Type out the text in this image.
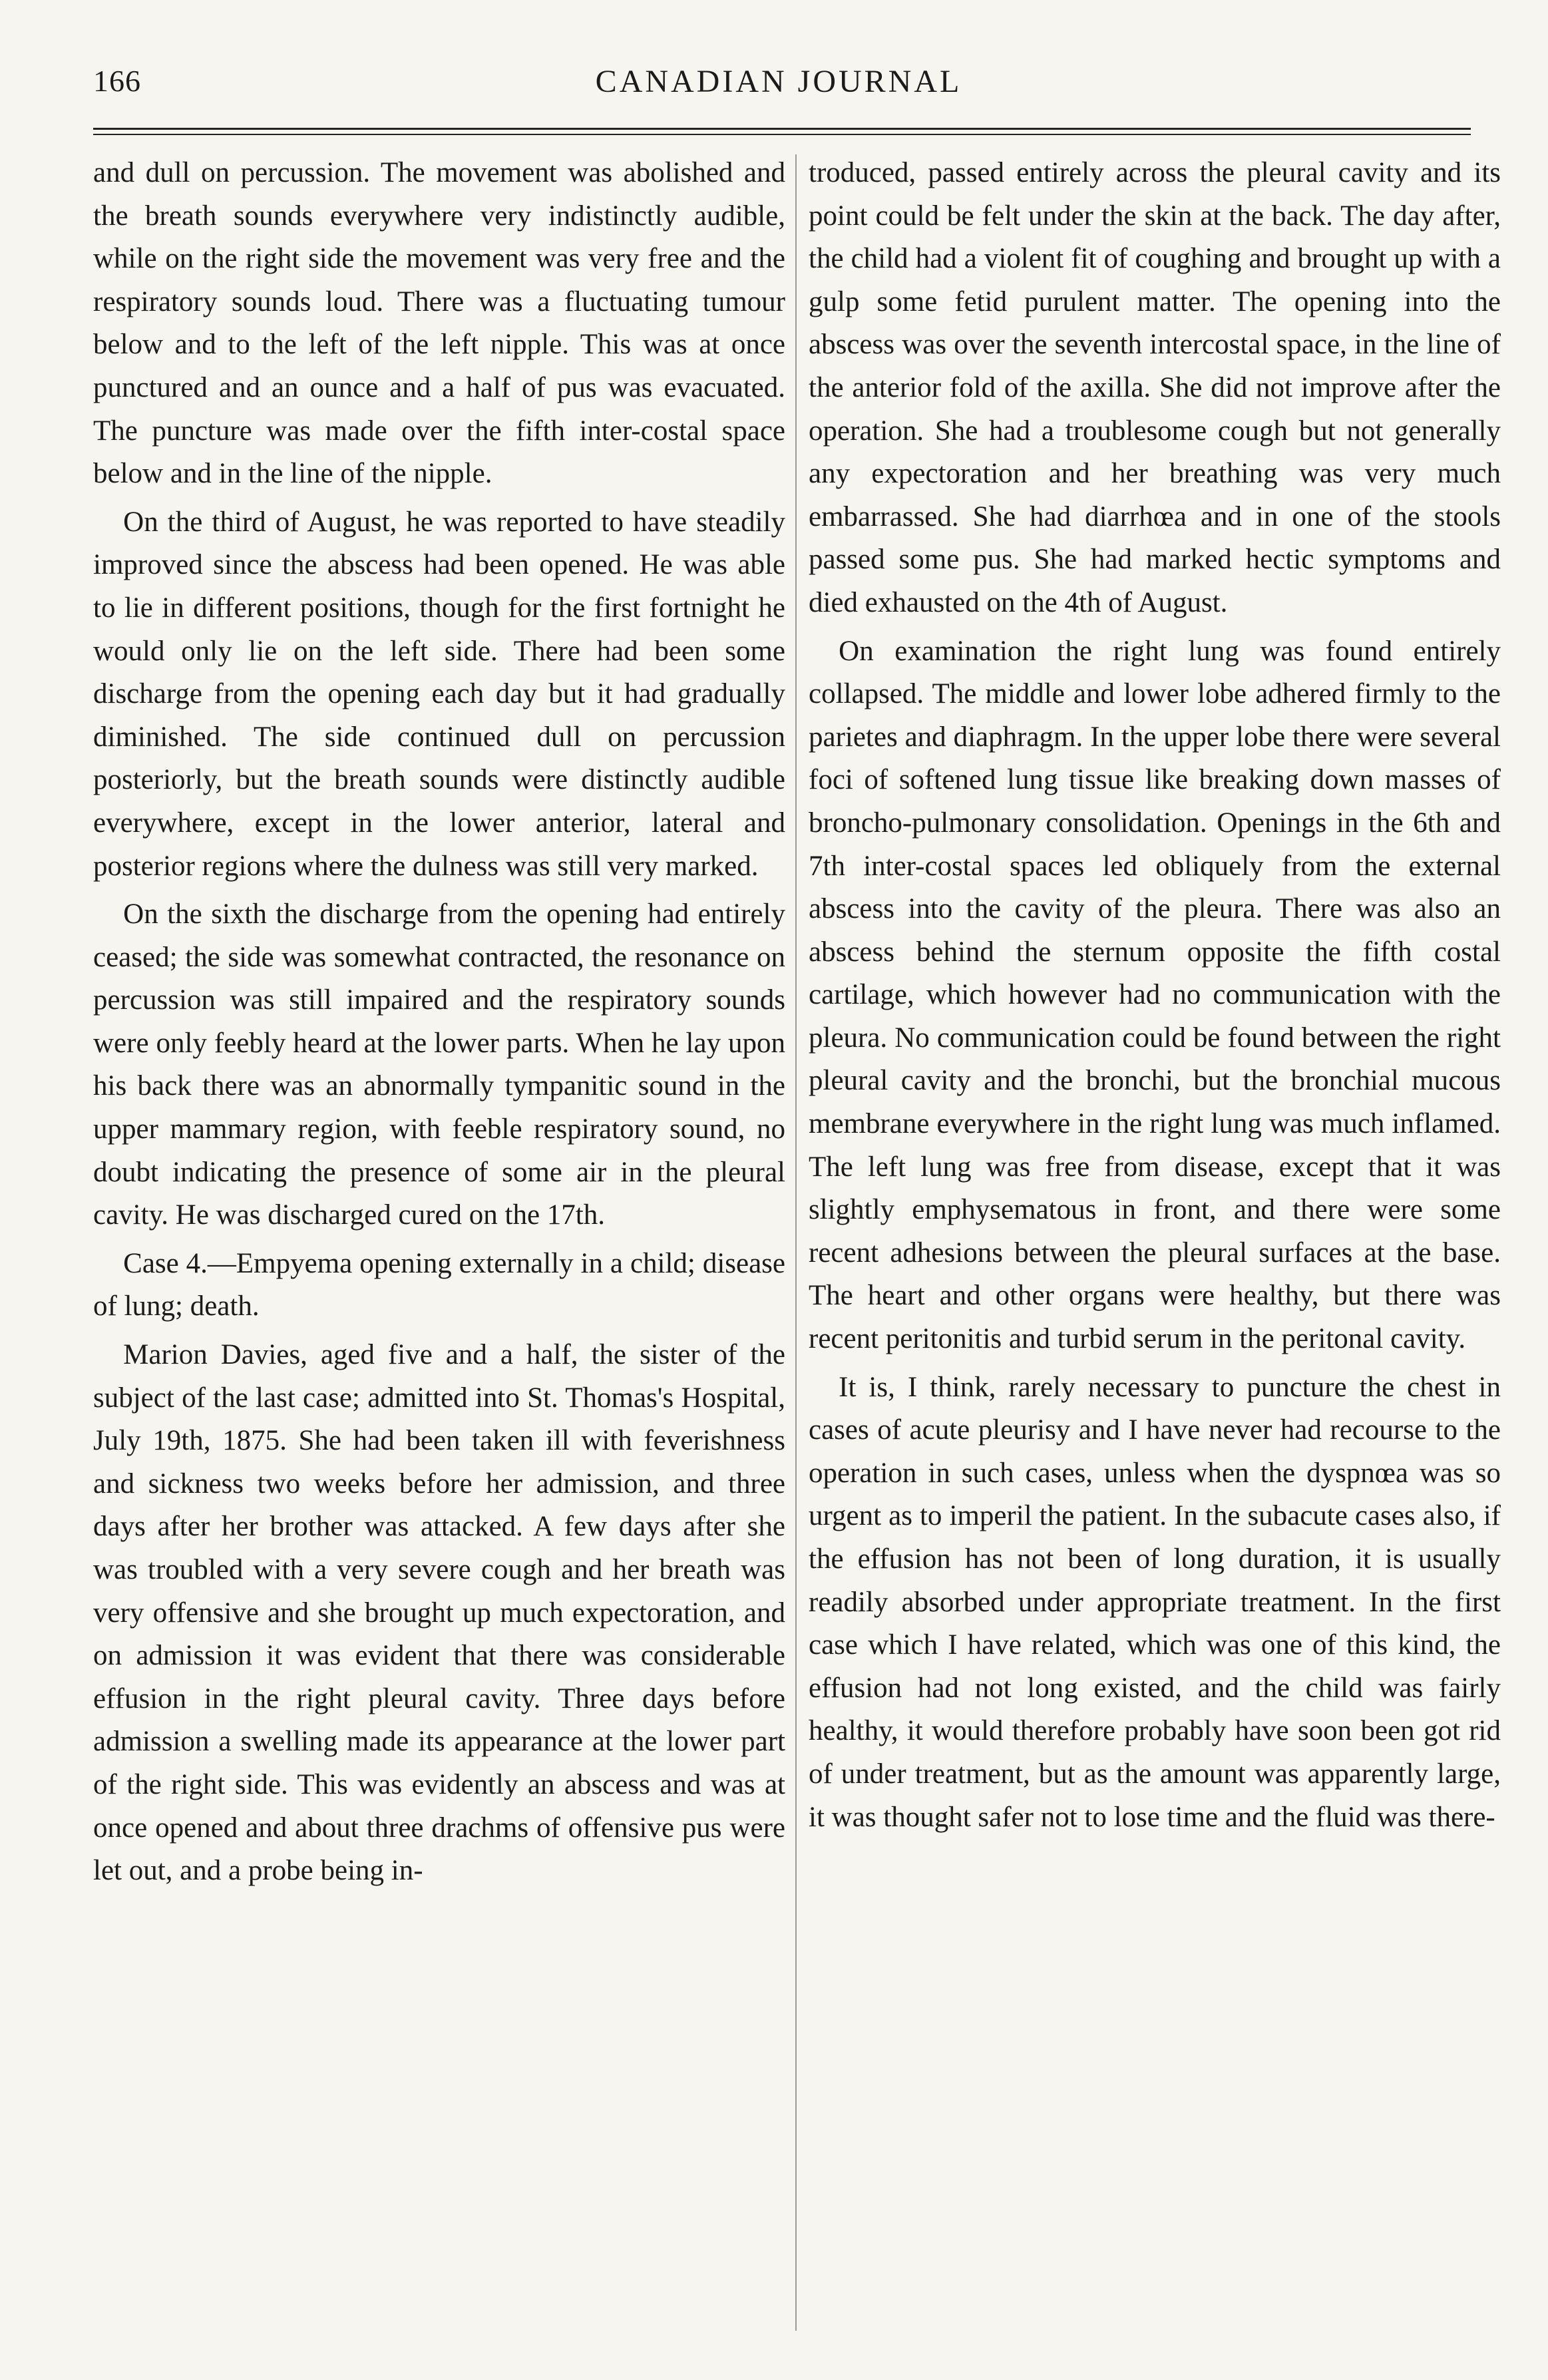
166	CANADIAN JOURNAL

and dull on percussion. The movement was abolished and the breath sounds everywhere very indistinctly audible, while on the right side the movement was very free and the respiratory sounds loud. There was a fluctuating tumour below and to the left of the left nipple. This was at once punctured and an ounce and a half of pus was evacuated. The puncture was made over the fifth inter-costal space below and in the line of the nipple.

On the third of August, he was reported to have steadily improved since the abscess had been opened. He was able to lie in different positions, though for the first fortnight he would only lie on the left side. There had been some discharge from the opening each day but it had gradually diminished. The side continued dull on percussion posteriorly, but the breath sounds were distinctly audible everywhere, except in the lower anterior, lateral and posterior regions where the dulness was still very marked.

On the sixth the discharge from the opening had entirely ceased; the side was somewhat contracted, the resonance on percussion was still impaired and the respiratory sounds were only feebly heard at the lower parts. When he lay upon his back there was an abnormally tympanitic sound in the upper mammary region, with feeble respiratory sound, no doubt indicating the presence of some air in the pleural cavity. He was discharged cured on the 17th.

Case 4.—Empyema opening externally in a child; disease of lung; death.

Marion Davies, aged five and a half, the sister of the subject of the last case; admitted into St. Thomas's Hospital, July 19th, 1875. She had been taken ill with feverishness and sickness two weeks before her admission, and three days after her brother was attacked. A few days after she was troubled with a very severe cough and her breath was very offensive and she brought up much expectoration, and on admission it was evident that there was considerable effusion in the right pleural cavity. Three days before admission a swelling made its appearance at the lower part of the right side. This was evidently an abscess and was at once opened and about three drachms of offensive pus were let out, and a probe being in-

troduced, passed entirely across the pleural cavity and its point could be felt under the skin at the back. The day after, the child had a violent fit of coughing and brought up with a gulp some fetid purulent matter. The opening into the abscess was over the seventh intercostal space, in the line of the anterior fold of the axilla. She did not improve after the operation. She had a troublesome cough but not generally any expectoration and her breathing was very much embarrassed. She had diarrhœa and in one of the stools passed some pus. She had marked hectic symptoms and died exhausted on the 4th of August.

On examination the right lung was found entirely collapsed. The middle and lower lobe adhered firmly to the parietes and diaphragm. In the upper lobe there were several foci of softened lung tissue like breaking down masses of broncho-pulmonary consolidation. Openings in the 6th and 7th inter-costal spaces led obliquely from the external abscess into the cavity of the pleura. There was also an abscess behind the sternum opposite the fifth costal cartilage, which however had no communication with the pleura. No communication could be found between the right pleural cavity and the bronchi, but the bronchial mucous membrane everywhere in the right lung was much inflamed. The left lung was free from disease, except that it was slightly emphysematous in front, and there were some recent adhesions between the pleural surfaces at the base. The heart and other organs were healthy, but there was recent peritonitis and turbid serum in the peritonal cavity.

It is, I think, rarely necessary to puncture the chest in cases of acute pleurisy and I have never had recourse to the operation in such cases, unless when the dyspnœa was so urgent as to imperil the patient. In the subacute cases also, if the effusion has not been of long duration, it is usually readily absorbed under appropriate treatment. In the first case which I have related, which was one of this kind, the effusion had not long existed, and the child was fairly healthy, it would therefore probably have soon been got rid of under treatment, but as the amount was apparently large, it was thought safer not to lose time and the fluid was there-
